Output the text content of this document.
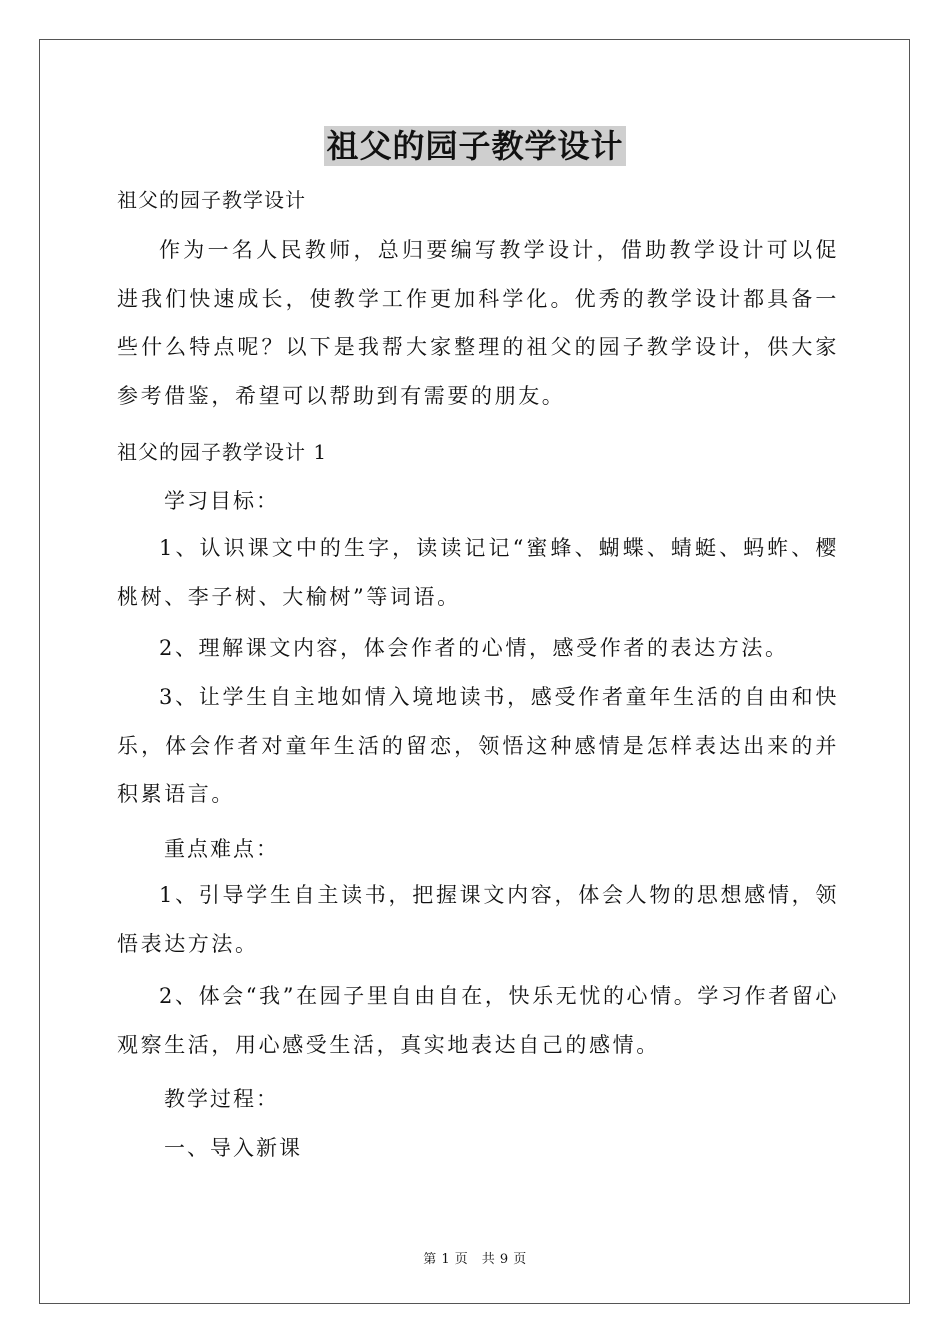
祖父的园子教学设计
祖父的园子教学设计
作为一名人民教师，总归要编写教学设计，借助教学设计可以促进我们快速成长，使教学工作更加科学化。优秀的教学设计都具备一些什么特点呢？以下是我帮大家整理的祖父的园子教学设计，供大家参考借鉴，希望可以帮助到有需要的朋友。
祖父的园子教学设计 1
学习目标：
1、认识课文中的生字，读读记记“蜜蜂、蝴蝶、蜻蜓、蚂蚱、樱桃树、李子树、大榆树”等词语。
2、理解课文内容，体会作者的心情，感受作者的表达方法。
3、让学生自主地如情入境地读书，感受作者童年生活的自由和快乐，体会作者对童年生活的留恋，领悟这种感情是怎样表达出来的并积累语言。
重点难点：
1、引导学生自主读书，把握课文内容，体会人物的思想感情，领悟表达方法。
2、体会“我”在园子里自由自在，快乐无忧的心情。学习作者留心观察生活，用心感受生活，真实地表达自己的感情。
教学过程：
一、导入新课
第 1 页　共 9 页
